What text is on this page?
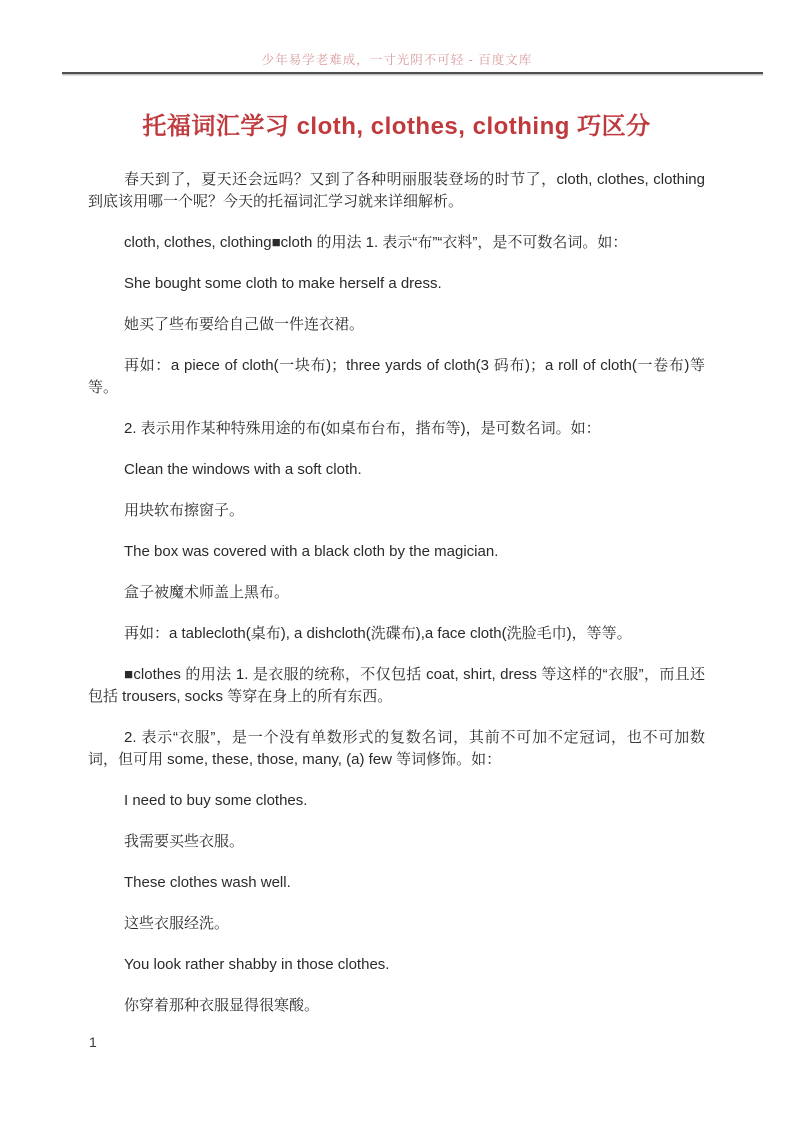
少年易学老难成，一寸光阴不可轻 - 百度文库
托福词汇学习 cloth, clothes, clothing 巧区分

春天到了，夏天还会远吗？又到了各种明丽服装登场的时节了，cloth, clothes, clothing 到底该用哪一个呢？今天的托福词汇学习就来详细解析。

cloth, clothes, clothing■cloth 的用法 1. 表示“布”“衣料”，是不可数名词。如：

She bought some cloth to make herself a dress.

她买了些布要给自己做一件连衣裙。

再如：a piece of cloth(一块布)；three yards of cloth(3 码布)；a roll of cloth(一卷布)等等。

2. 表示用作某种特殊用途的布(如桌布台布，揩布等)，是可数名词。如：

Clean the windows with a soft cloth.

用块软布擦窗子。

The box was covered with a black cloth by the magician.

盒子被魔术师盖上黑布。

再如：a tablecloth(桌布), a dishcloth(洗碟布),a face cloth(洗脸毛巾)，等等。

■clothes 的用法 1. 是衣服的统称，不仅包括 coat, shirt, dress 等这样的“衣服”，而且还包括 trousers, socks 等穿在身上的所有东西。

2. 表示“衣服”，是一个没有单数形式的复数名词，其前不可加不定冠词，也不可加数词，但可用 some, these, those, many, (a) few 等词修饰。如：

I need to buy some clothes.

我需要买些衣服。

These clothes wash well.

这些衣服经洗。

You look rather shabby in those clothes.

你穿着那种衣服显得很寒酸。

1
